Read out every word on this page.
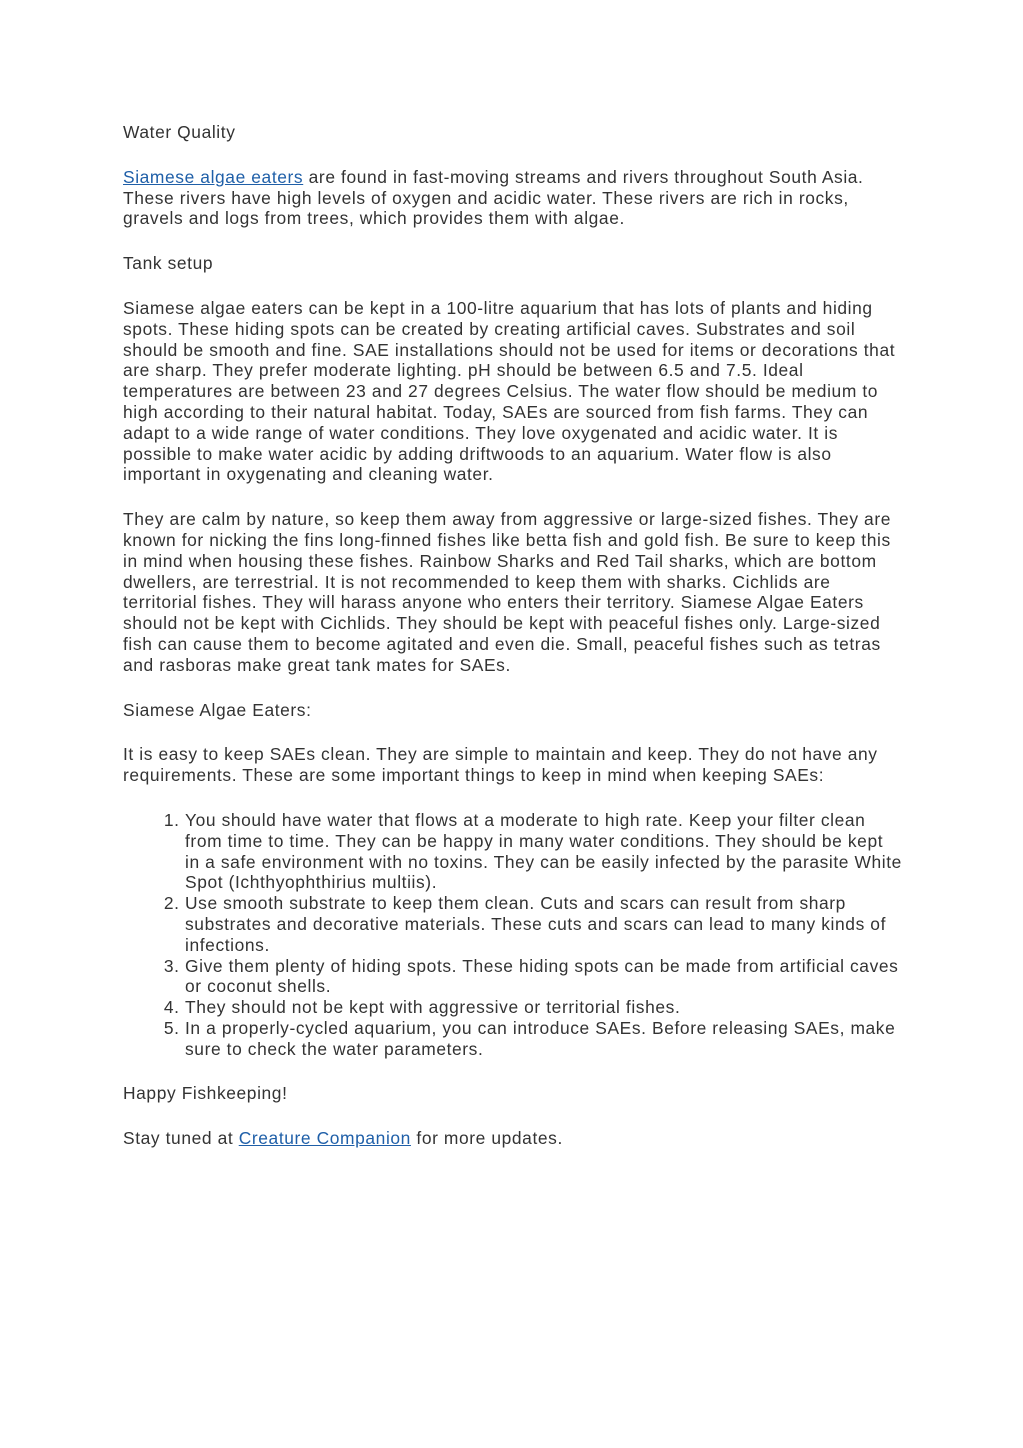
Water Quality

Siamese algae eaters are found in fast-moving streams and rivers throughout South Asia. These rivers have high levels of oxygen and acidic water. These rivers are rich in rocks, gravels and logs from trees, which provides them with algae.

Tank setup

Siamese algae eaters can be kept in a 100-litre aquarium that has lots of plants and hiding spots. These hiding spots can be created by creating artificial caves. Substrates and soil should be smooth and fine. SAE installations should not be used for items or decorations that are sharp. They prefer moderate lighting. pH should be between 6.5 and 7.5. Ideal temperatures are between 23 and 27 degrees Celsius. The water flow should be medium to high according to their natural habitat. Today, SAEs are sourced from fish farms. They can adapt to a wide range of water conditions. They love oxygenated and acidic water. It is possible to make water acidic by adding driftwoods to an aquarium. Water flow is also important in oxygenating and cleaning water.

They are calm by nature, so keep them away from aggressive or large-sized fishes. They are known for nicking the fins long-finned fishes like betta fish and gold fish. Be sure to keep this in mind when housing these fishes. Rainbow Sharks and Red Tail sharks, which are bottom dwellers, are terrestrial. It is not recommended to keep them with sharks. Cichlids are territorial fishes. They will harass anyone who enters their territory. Siamese Algae Eaters should not be kept with Cichlids. They should be kept with peaceful fishes only. Large-sized fish can cause them to become agitated and even die. Small, peaceful fishes such as tetras and rasboras make great tank mates for SAEs.

Siamese Algae Eaters:

It is easy to keep SAEs clean. They are simple to maintain and keep. They do not have any requirements. These are some important things to keep in mind when keeping SAEs:

1. You should have water that flows at a moderate to high rate. Keep your filter clean from time to time. They can be happy in many water conditions. They should be kept in a safe environment with no toxins. They can be easily infected by the parasite White Spot (Ichthyophthirius multiis).
2. Use smooth substrate to keep them clean. Cuts and scars can result from sharp substrates and decorative materials. These cuts and scars can lead to many kinds of infections.
3. Give them plenty of hiding spots. These hiding spots can be made from artificial caves or coconut shells.
4. They should not be kept with aggressive or territorial fishes.
5. In a properly-cycled aquarium, you can introduce SAEs. Before releasing SAEs, make sure to check the water parameters.

Happy Fishkeeping!

Stay tuned at Creature Companion for more updates.
